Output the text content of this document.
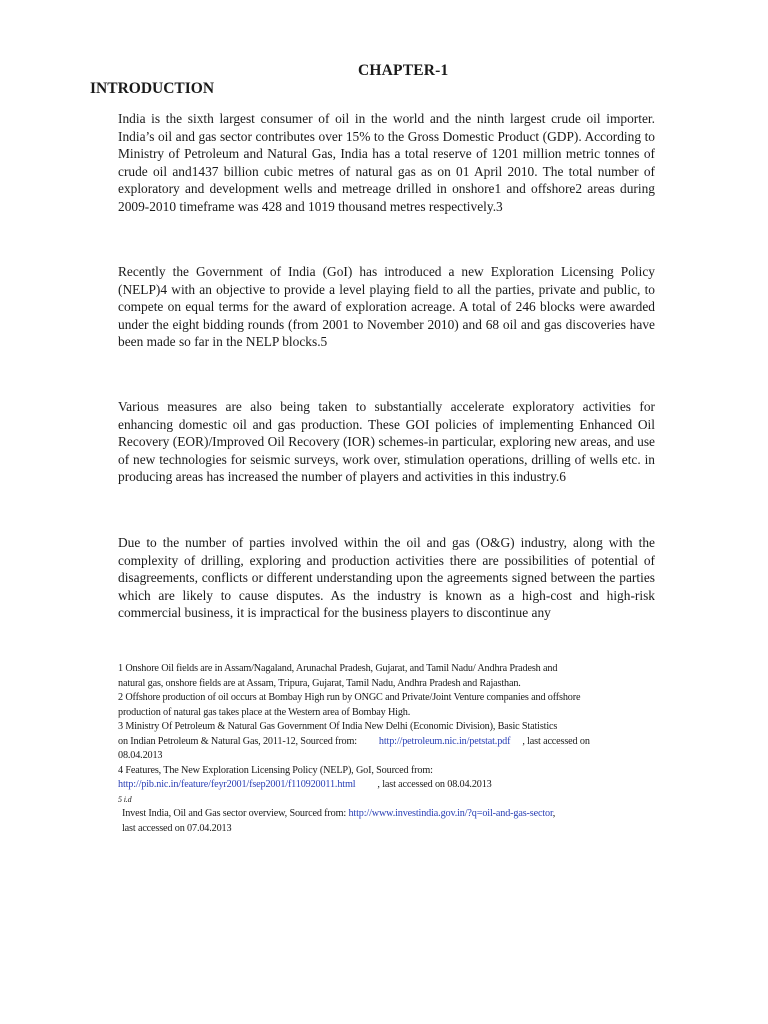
CHAPTER-1
INTRODUCTION

India is the sixth largest consumer of oil in the world and the ninth largest crude oil importer. India’s oil and gas sector contributes over 15% to the Gross Domestic Product (GDP). According to Ministry of Petroleum and Natural Gas, India has a total reserve of 1201 million metric tonnes of crude oil and1437 billion cubic metres of natural gas as on 01 April 2010. The total number of exploratory and development wells and metreage drilled in onshore1 and offshore2 areas during 2009-2010 timeframe was 428 and 1019 thousand metres respectively.3

Recently the Government of India (GoI) has introduced a new Exploration Licensing Policy (NELP)4 with an objective to provide a level playing field to all the parties, private and public, to compete on equal terms for the award of exploration acreage. A total of 246 blocks were awarded under the eight bidding rounds (from 2001 to November 2010) and 68 oil and gas discoveries have been made so far in the NELP blocks.5

Various measures are also being taken to substantially accelerate exploratory activities for enhancing domestic oil and gas production. These GOI policies of implementing Enhanced Oil Recovery (EOR)/Improved Oil Recovery (IOR) schemes-in particular, exploring new areas, and use of new technologies for seismic surveys, work over, stimulation operations, drilling of wells etc. in producing areas has increased the number of players and activities in this industry.6

Due to the number of parties involved within the oil and gas (O&G) industry, along with the complexity of drilling, exploring and production activities there are possibilities of potential of disagreements, conflicts or different understanding upon the agreements signed between the parties which are likely to cause disputes. As the industry is known as a high-cost and high-risk commercial business, it is impractical for the business players to discontinue any

1 Onshore Oil fields are in Assam/Nagaland, Arunachal Pradesh, Gujarat, and Tamil Nadu/ Andhra Pradesh and

natural gas, onshore fields are at Assam, Tripura, Gujarat, Tamil Nadu, Andhra Pradesh and Rajasthan.

2 Offshore production of oil occurs at Bombay High run by ONGC and Private/Joint Venture companies and offshore

production of natural gas takes place at the Western area of Bombay High.

3 Ministry Of Petroleum & Natural Gas Government Of India New Delhi (Economic Division), Basic Statistics

on Indian Petroleum & Natural Gas, 2011-12, Sourced from: http://petroleum.nic.in/petstat.pdf , last accessed on

08.04.2013

4 Features, The New Exploration Licensing Policy (NELP), GoI, Sourced from:

http://pib.nic.in/feature/feyr2001/fsep2001/f110920011.html , last accessed on 08.04.2013

5 i.d

Invest India, Oil and Gas sector overview, Sourced from: http://www.investindia.gov.in/?q=oil-and-gas-sector,

last accessed on 07.04.2013
